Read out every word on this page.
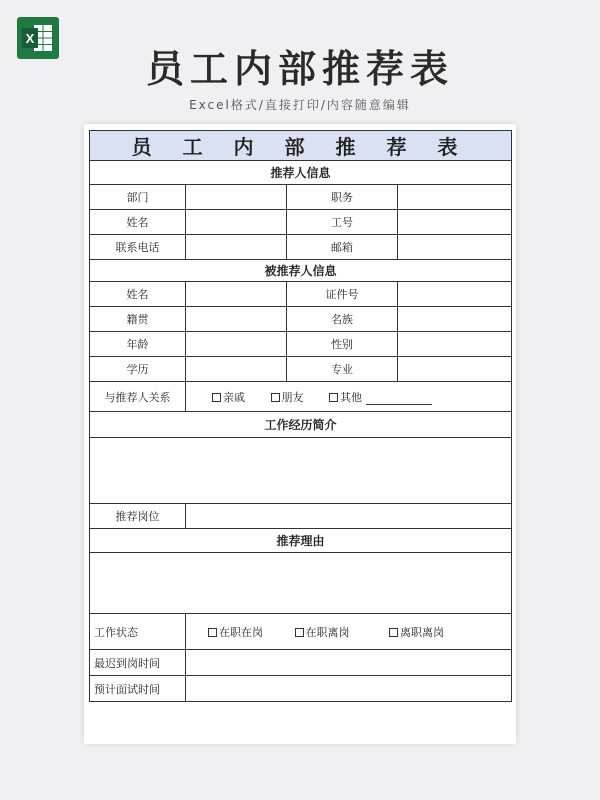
X
员工内部推荐表
Excel格式/直接打印/内容随意编辑
员 工 内 部 推 荐 表			
推荐人信息			
部门		职务	
姓名		工号	
联系电话		邮箱	
被推荐人信息			
姓名		证件号	
籍贯		名族	
年龄		性别	
学历		专业	
与推荐人关系	亲戚 朋友 其他		
工作经历简介			

推荐岗位			
推荐理由			

工作状态	在职在岗 在职离岗 离职离岗		
最迟到岗时间			
预计面试时间			
